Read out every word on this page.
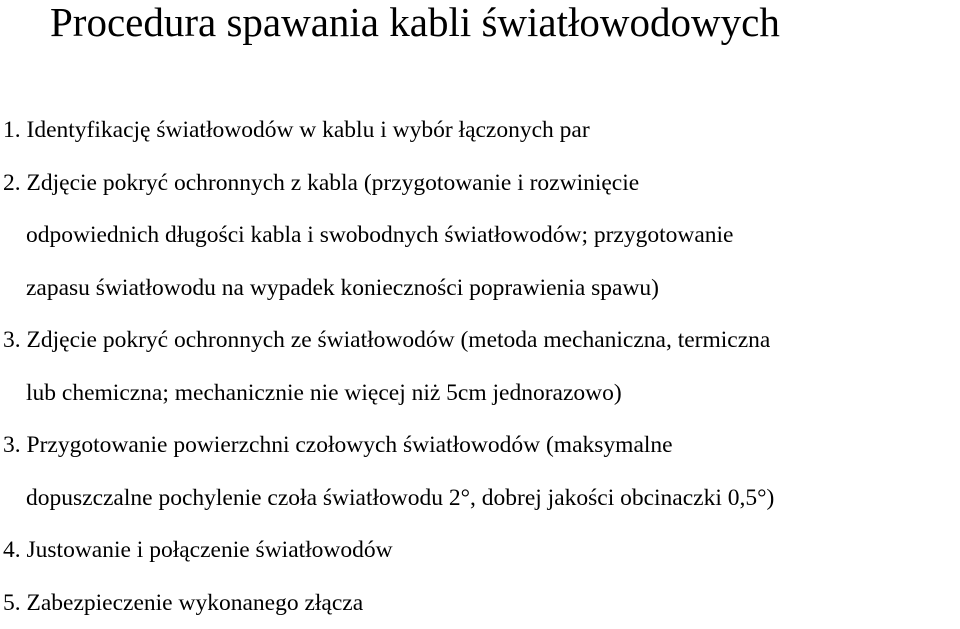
Procedura spawania kabli światłowodowych
1. Identyfikację światłowodów w kablu i wybór łączonych par
2. Zdjęcie pokryć ochronnych z kabla (przygotowanie i rozwinięcie
odpowiednich długości kabla i swobodnych światłowodów; przygotowanie
zapasu światłowodu na wypadek konieczności poprawienia spawu)
3. Zdjęcie pokryć ochronnych ze światłowodów (metoda mechaniczna, termiczna
lub chemiczna; mechanicznie nie więcej niż 5cm jednorazowo)
3. Przygotowanie powierzchni czołowych światłowodów (maksymalne
dopuszczalne pochylenie czoła światłowodu 2°, dobrej jakości obcinaczki 0,5°)
4. Justowanie i połączenie światłowodów
5. Zabezpieczenie wykonanego złącza
